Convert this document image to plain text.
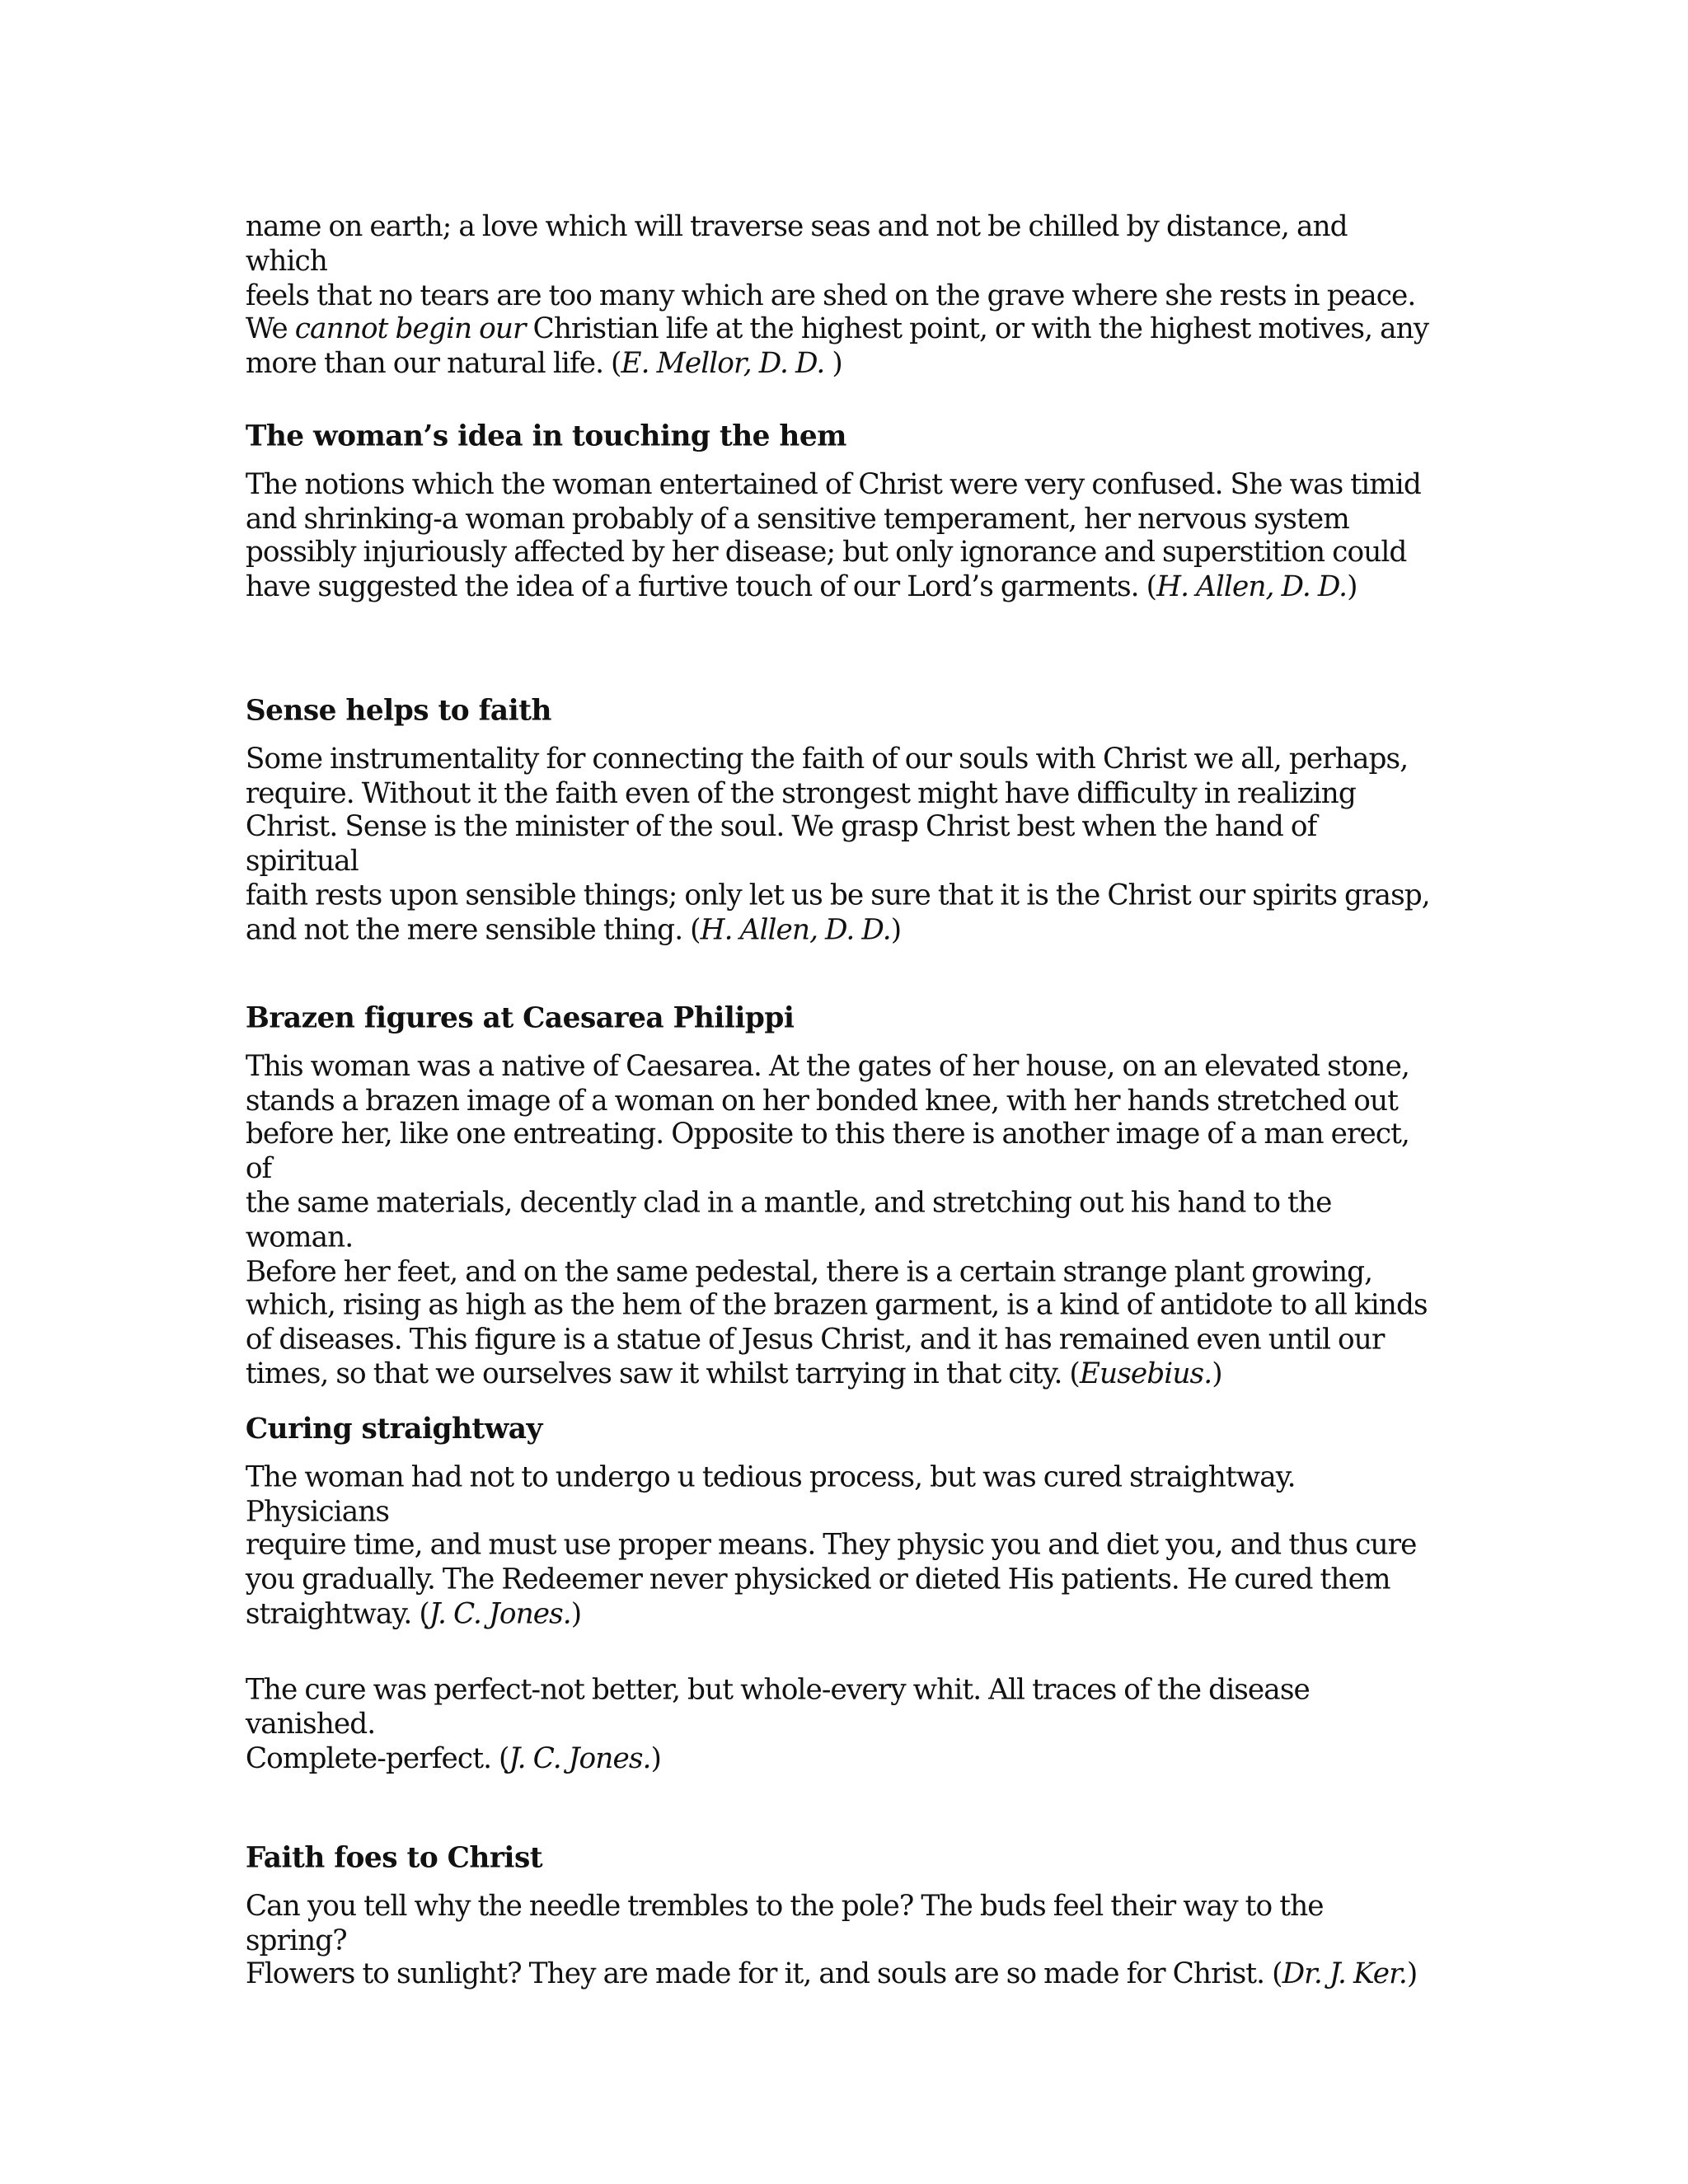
name on earth; a love which will traverse seas and not be chilled by distance, and which
feels that no tears are too many which are shed on the grave where she rests in peace.
We cannot begin our Christian life at the highest point, or with the highest motives, any
more than our natural life. (E. Mellor, D. D. )

The woman’s idea in touching the hem

The notions which the woman entertained of Christ were very confused. She was timid
and shrinking-a woman probably of a sensitive temperament, her nervous system
possibly injuriously affected by her disease; but only ignorance and superstition could
have suggested the idea of a furtive touch of our Lord’s garments. (H. Allen, D. D.)

Sense helps to faith

Some instrumentality for connecting the faith of our souls with Christ we all, perhaps,
require. Without it the faith even of the strongest might have difficulty in realizing
Christ. Sense is the minister of the soul. We grasp Christ best when the hand of spiritual
faith rests upon sensible things; only let us be sure that it is the Christ our spirits grasp,
and not the mere sensible thing. (H. Allen, D. D.)

Brazen figures at Caesarea Philippi

This woman was a native of Caesarea. At the gates of her house, on an elevated stone,
stands a brazen image of a woman on her bonded knee, with her hands stretched out
before her, like one entreating. Opposite to this there is another image of a man erect, of
the same materials, decently clad in a mantle, and stretching out his hand to the woman.
Before her feet, and on the same pedestal, there is a certain strange plant growing,
which, rising as high as the hem of the brazen garment, is a kind of antidote to all kinds
of diseases. This figure is a statue of Jesus Christ, and it has remained even until our
times, so that we ourselves saw it whilst tarrying in that city. (Eusebius.)

Curing straightway

The woman had not to undergo u tedious process, but was cured straightway. Physicians
require time, and must use proper means. They physic you and diet you, and thus cure
you gradually. The Redeemer never physicked or dieted His patients. He cured them
straightway. (J. C. Jones.)

The cure was perfect-not better, but whole-every whit. All traces of the disease vanished.
Complete-perfect. (J. C. Jones.)

Faith foes to Christ

Can you tell why the needle trembles to the pole? The buds feel their way to the spring?
Flowers to sunlight? They are made for it, and souls are so made for Christ. (Dr. J. Ker.)
